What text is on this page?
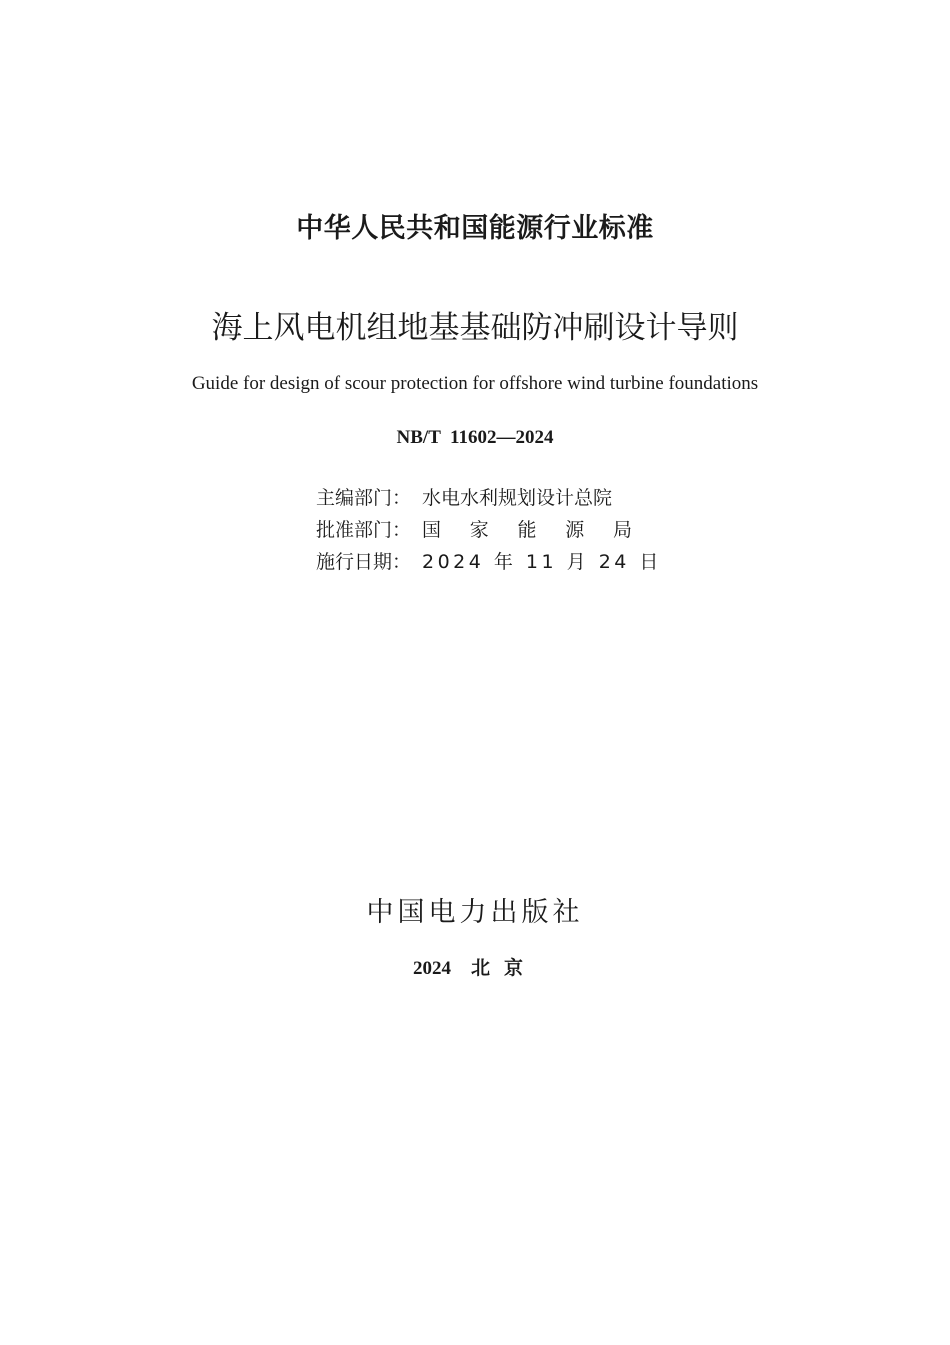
中华人民共和国能源行业标准
海上风电机组地基基础防冲刷设计导则
Guide for design of scour protection for offshore wind turbine foundations
NB/T 11602—2024
主编部门： 水电水利规划设计总院
批准部门： 国 家 能 源 局
施行日期： 2024 年 11 月 24 日
中国电力出版社
2024 北京
